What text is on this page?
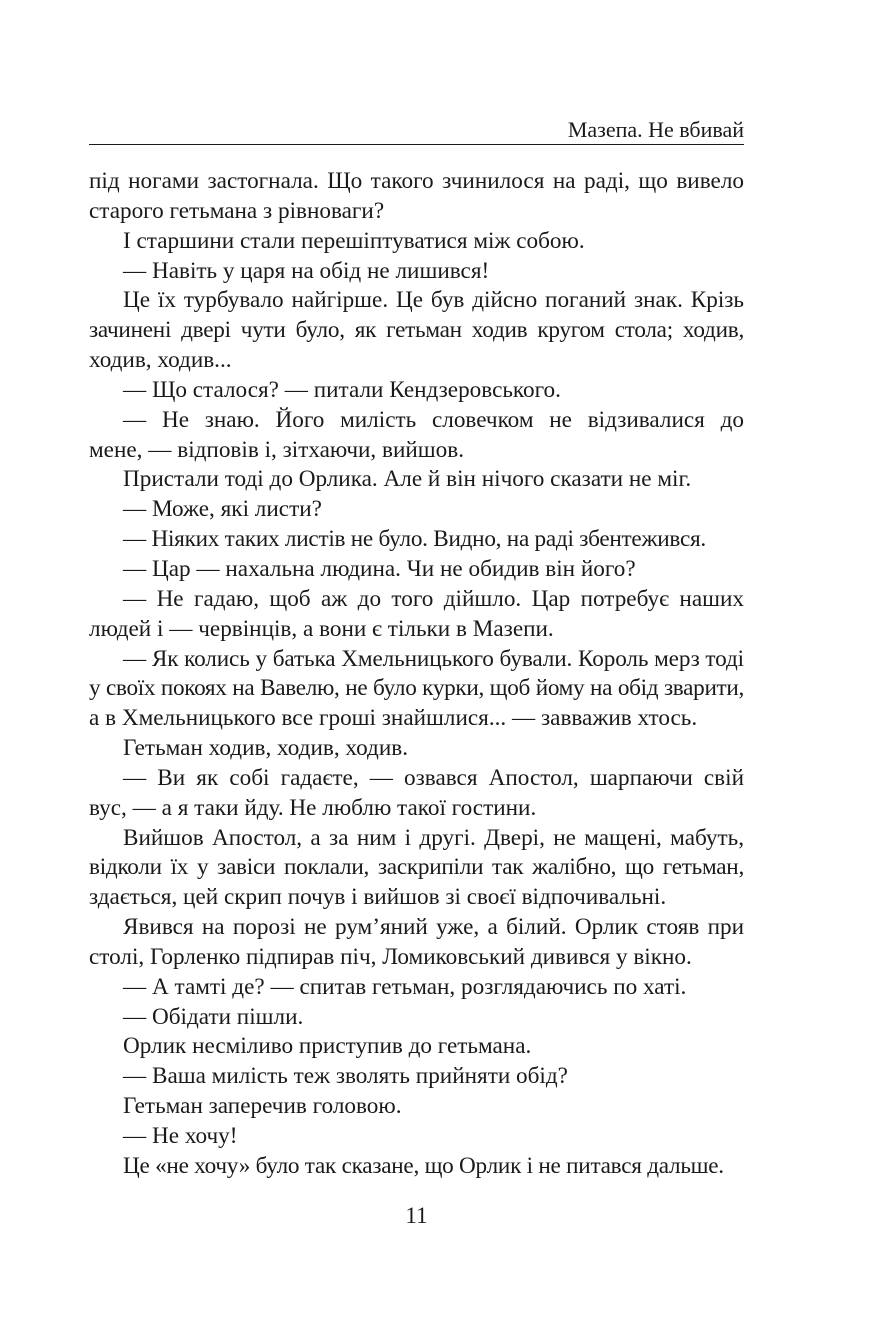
Мазепа. Не вбивай

під ногами застогнала. Що такого зчинилося на раді, що вивело

старого гетьмана з рівноваги?

І старшини стали перешіптуватися між собою.

— Навіть у царя на обід не лишився!

Це їх турбувало найгірше. Це був дійсно поганий знак. Крізь

зачинені двері чути було, як гетьман ходив кругом стола; ходив,

ходив, ходив...

— Що сталося? — питали Кендзеровського.

— Не знаю. Його милість словечком не відзивалися до

мене, — відповів і, зітхаючи, вийшов.

Пристали тоді до Орлика. Але й він нічого сказати не міг.

— Може, які листи?

— Ніяких таких листів не було. Видно, на раді збентежився.

— Цар — нахальна людина. Чи не обидив він його?

— Не гадаю, щоб аж до того дійшло. Цар потребує наших

людей і — червінців, а вони є тільки в Мазепи.

— Як колись у батька Хмельницького бували. Король мерз тоді

у своїх покоях на Вавелю, не було курки, щоб йому на обід зварити,

а в Хмельницького все гроші знайшлися... — завважив хтось.

Гетьман ходив, ходив, ходив.

— Ви як собі гадаєте, — озвався Апостол, шарпаючи свій

вус, — а я таки йду. Не люблю такої гостини.

Вийшов Апостол, а за ним і другі. Двері, не мащені, мабуть,

відколи їх у завіси поклали, заскрипіли так жалібно, що гетьман,

здається, цей скрип почув і вийшов зі своєї відпочивальні.

Явився на порозі не рум’яний уже, а білий. Орлик стояв при

столі, Горленко підпирав піч, Ломиковський дивився у вікно.

— А тамті де? — спитав гетьман, розглядаючись по хаті.

— Обідати пішли.

Орлик несміливо приступив до гетьмана.

— Ваша милість теж зволять прийняти обід?

Гетьман заперечив головою.

— Не хочу!

Це «не хочу» було так сказане, що Орлик і не питався дальше.

11
